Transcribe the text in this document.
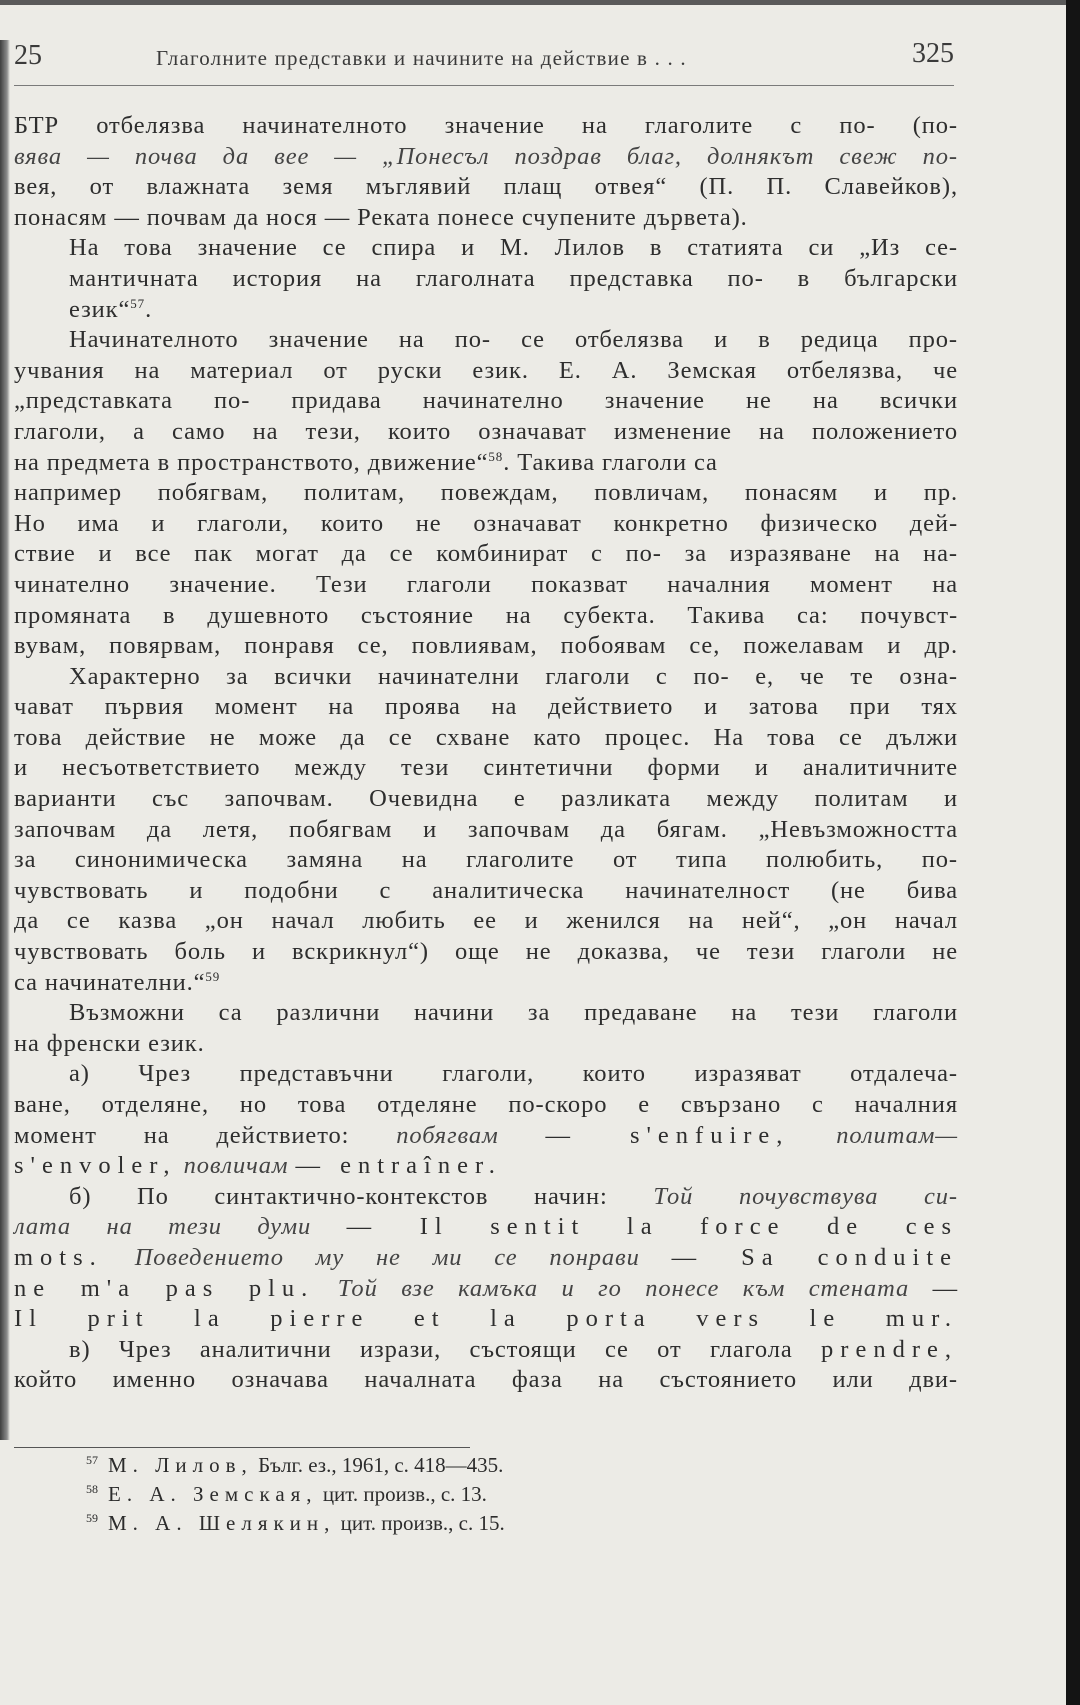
25	Глаголните представки и начините на действие в . . .	325

БТР отбелязва начинателното значение на глаголите с по- (по-
вява — почва да вее — „Понесъл поздрав благ, долнякът свеж по-
вея, от влажната земя мъглявий плащ отвея“ (П. П. Славейков),
понасям — почвам да нося — Реката понесе счупените дървета).

На това значение се спира и М. Лилов в статията си „Из се-
мантичната история на глаголната представка по- в български
език“$^{57}$.

Начинателното значение на по- се отбелязва и в редица про-
учвания на материал от руски език. Е. А. Земская отбелязва, че
„представката по- придава начинателно значение не на всички
глаголи, а само на тези, които означават изменение на положението
на предмета в пространството, движение“$^{58}$. Такива глаголи са
например побягвам, политам, повеждам, повличам, понасям и пр.
Но има и глаголи, които не означават конкретно физическо дей-
ствие и все пак могат да се комбинират с по- за изразяване на на-
чинателно значение. Тези глаголи показват началния момент на
промяната в душевното състояние на субекта. Такива са: почувст-
вувам, повярвам, понравя се, повлиявам, побоявам се, пожелавам и др.

Характерно за всички начинателни глаголи с по- е, че те озна-
чават първия момент на проява на действието и затова при тях
това действие не може да се схване като процес. На това се дължи
и несъответствието между тези синтетични форми и аналитичните
варианти със започвам. Очевидна е разликата между политам и
започвам да летя, побягвам и започвам да бягам. „Невъзможността
за синонимическа замяна на глаголите от типа полюбить, по-
чувствовать и подобни с аналитическа начинателност (не бива
да се казва „он начал любить ее и женился на ней“, „он начал
чувствовать боль и вскрикнул“) още не доказва, че тези глаголи не
са начинателни.“$^{59}$

Възможни са различни начини за предаване на тези глаголи
на френски език.

а) Чрез представъчни глаголи, които изразяват отдалеча-
ване, отделяне, но това отделяне по-скоро е свързано с началния
момент на действието: побягвам — s'enfuire, политам—
s'envoler, повличам — entraîner.

б) По синтактично-контекстов начин: Той почувствува си-
лата на тези думи — Il sentit la force de ces
mots. Поведението му не ми се понрави — Sa conduite
ne m'a pas plu. Той взе камъка и го понесе към стената —
Il prit la pierre et la porta vers le mur.

в) Чрез аналитични изрази, състоящи се от глагола prendre,
който именно означава началната фаза на състоянието или дви-

$^{57}$ М. Лилов, Бълг. ез., 1961, с. 418—435.
$^{58}$ Е. А. Земская, цит. произв., с. 13.
$^{59}$ М. А. Шелякин, цит. произв., с. 15.
